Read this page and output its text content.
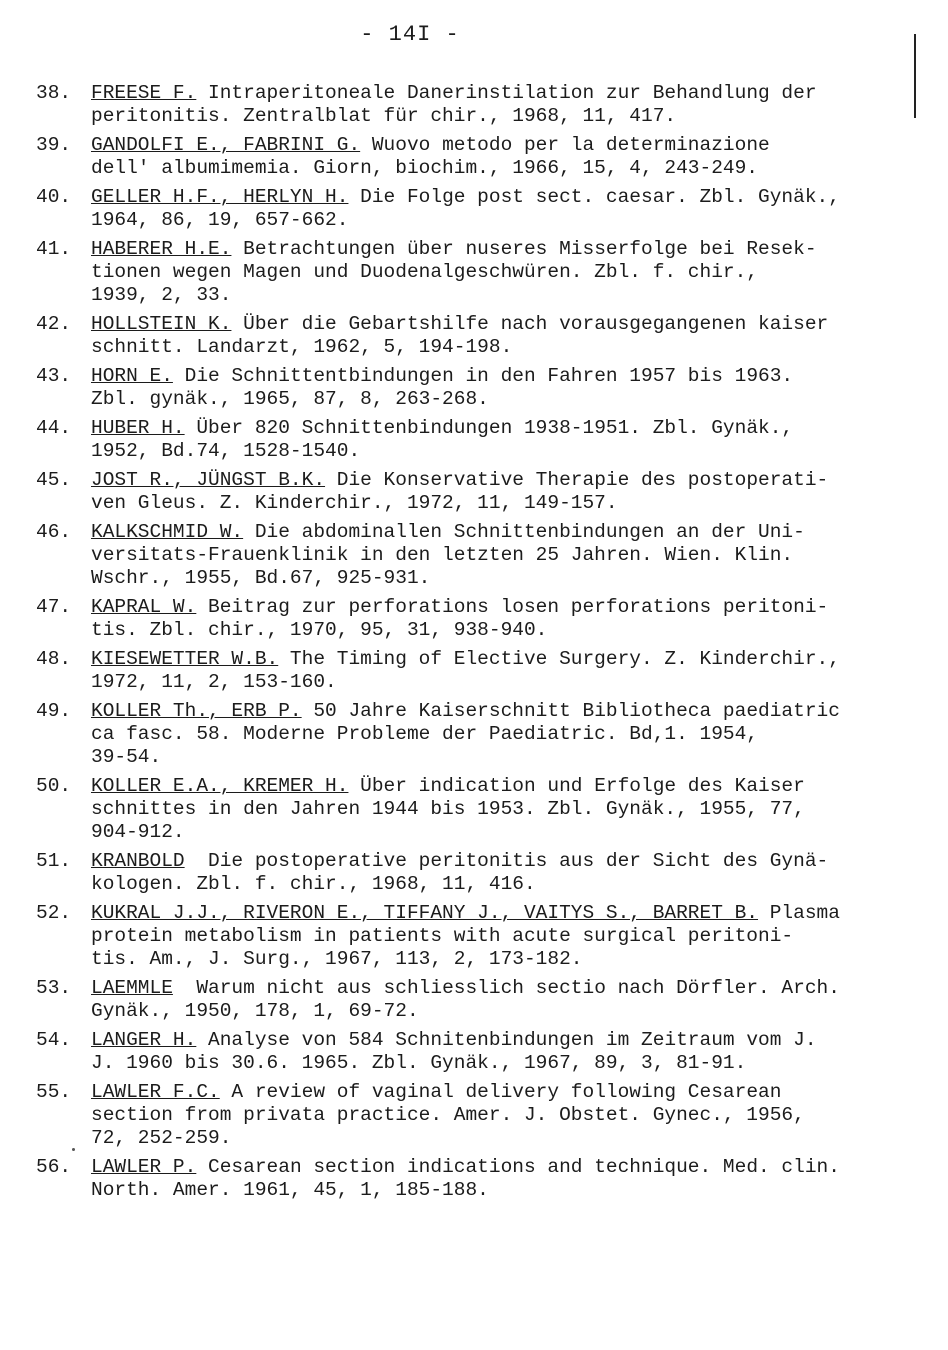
- 14I -
38.	FREESE F. Intraperitoneale Danerinstilation zur Behandlung der
peritonitis. Zentralblat für chir., 1968, 11, 417.
39.	GANDOLFI E., FABRINI G. Wuovo metodo per la determinazione
dell' albumimemia. Giorn, biochim., 1966, 15, 4, 243-249.
40.	GELLER H.F., HERLYN H. Die Folge post sect. caesar. Zbl. Gynäk.,
1964, 86, 19, 657-662.
41.	HABERER H.E. Betrachtungen über nuseres Misserfolge bei Resek-
tionen wegen Magen und Duodenalgeschwüren. Zbl. f. chir.,
1939, 2, 33.
42.	HOLLSTEIN K. Über die Gebartshilfe nach vorausgegangenen kaiser
schnitt. Landarzt, 1962, 5, 194-198.
43.	HORN E. Die Schnittentbindungen in den Fahren 1957 bis 1963.
Zbl. gynäk., 1965, 87, 8, 263-268.
44.	HUBER H. Über 820 Schnittenbindungen 1938-1951. Zbl. Gynäk.,
1952, Bd.74, 1528-1540.
45.	JOST R., JÜNGST B.K. Die Konservative Therapie des postoperati-
ven Gleus. Z. Kinderchir., 1972, 11, 149-157.
46.	KALKSCHMID W. Die abdominallen Schnittenbindungen an der Uni-
versitats-Frauenklinik in den letzten 25 Jahren. Wien. Klin.
Wschr., 1955, Bd.67, 925-931.
47.	KAPRAL W. Beitrag zur perforations losen perforations peritoni-
tis. Zbl. chir., 1970, 95, 31, 938-940.
48.	KIESEWETTER W.B. The Timing of Elective Surgery. Z. Kinderchir.,
1972, 11, 2, 153-160.
49.	KOLLER Th., ERB P. 50 Jahre Kaiserschnitt Bibliotheca paediatric
ca fasc. 58. Moderne Probleme der Paediatric. Bd,1. 1954,
39-54.
50.	KOLLER E.A., KREMER H. Über indication und Erfolge des Kaiser
schnittes in den Jahren 1944 bis 1953. Zbl. Gynäk., 1955, 77,
904-912.
51.	KRANBOLD  Die postoperative peritonitis aus der Sicht des Gynä-
kologen. Zbl. f. chir., 1968, 11, 416.
52.	KUKRAL J.J., RIVERON E., TIFFANY J., VAITYS S., BARRET B. Plasma
protein metabolism in patients with acute surgical peritoni-
tis. Am., J. Surg., 1967, 113, 2, 173-182.
53.	LAEMMLE  Warum nicht aus schliesslich sectio nach Dörfler. Arch.
Gynäk., 1950, 178, 1, 69-72.
54.	LANGER H. Analyse von 584 Schnitenbindungen im Zeitraum vom J.
J. 1960 bis 30.6. 1965. Zbl. Gynäk., 1967, 89, 3, 81-91.
55.	LAWLER F.C. A review of vaginal delivery following Cesarean
section from privata practice. Amer. J. Obstet. Gynec., 1956,
72, 252-259.
56.	LAWLER P. Cesarean section indications and technique. Med. clin.
North. Amer. 1961, 45, 1, 185-188.
